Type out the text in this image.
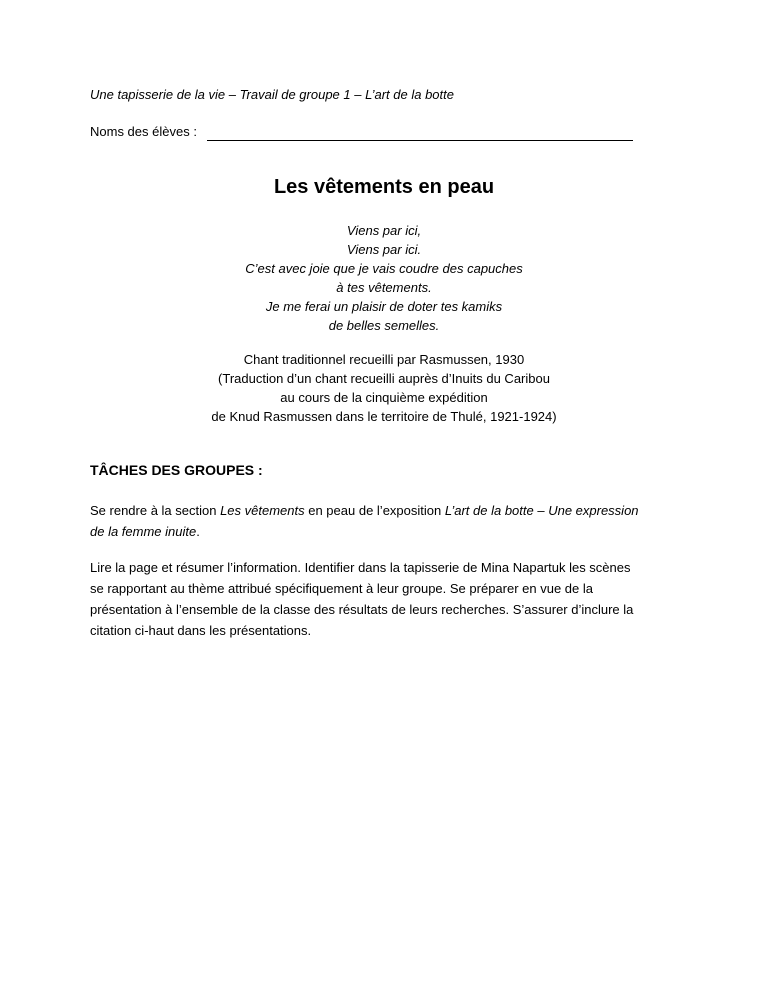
Une tapisserie de la vie – Travail de groupe 1 – L’art de la botte
Noms des élèves :
Les vêtements en peau
Viens par ici,
Viens par ici.
C’est avec joie que je vais coudre des capuches
à tes vêtements.
Je me ferai un plaisir de doter tes kamiks
de belles semelles.
Chant traditionnel recueilli par Rasmussen, 1930
(Traduction d’un chant recueilli auprès d’Inuits du Caribou
au cours de la cinquième expédition
de Knud Rasmussen dans le territoire de Thulé, 1921-1924)
TÂCHES DES GROUPES :
Se rendre à la section Les vêtements en peau de l’exposition L’art de la botte – Une expression
de la femme inuite.
Lire la page et résumer l’information. Identifier dans la tapisserie de Mina Napartuk les scènes
se rapportant au thème attribué spécifiquement à leur groupe. Se préparer en vue de la
présentation à l’ensemble de la classe des résultats de leurs recherches. S’assurer d’inclure la
citation ci-haut dans les présentations.
